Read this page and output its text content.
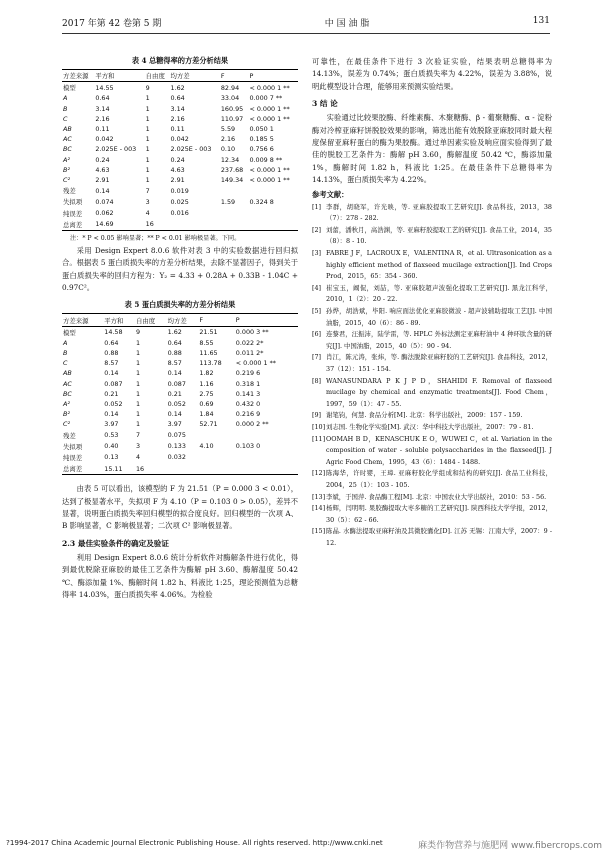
2017 年第 42 卷第 5 期	中 国 油 脂	131
表 4 总糖得率的方差分析结果
方差来源	平方和	自由度	均方差	F	P
模型	14.55	9	1.62	82.94	< 0.000 1 **
A	0.64	1	0.64	33.04	0.000 7 **
B	3.14	1	3.14	160.95	< 0.000 1 **
C	2.16	1	2.16	110.97	< 0.000 1 **
AB	0.11	1	0.11	5.59	0.050 1
AC	0.042	1	0.042	2.16	0.185 5
BC	2.025E - 003	1	2.025E - 003	0.10	0.756 6
A²	0.24	1	0.24	12.34	0.009 8 **
B²	4.63	1	4.63	237.68	< 0.000 1 **
C²	2.91	1	2.91	149.34	< 0.000 1 **
残差	0.14	7	0.019		
失拟项	0.074	3	0.025	1.59	0.324 8
纯误差	0.062	4	0.016		
总离差	14.69	16			
注：* P < 0.05 影响显著；** P < 0.01 影响极显著。下同。

采用 Design Expert 8.0.6 软件对表 3 中的实验数据进行回归拟合。根据表 5 蛋白质损失率的方差分析结果，去除不显著因子，得到关于蛋白质损失率的回归方程为：Y₂ = 4.33 + 0.28A + 0.33B - 1.04C + 0.97C²。

表 5 蛋白质损失率的方差分析结果
方差来源	平方和	自由度	均方差	F	P
模型	14.58	9	1.62	21.51	0.000 3 **
A	0.64	1	0.64	8.55	0.022 2*
B	0.88	1	0.88	11.65	0.011 2*
C	8.57	1	8.57	113.78	< 0.000 1 **
AB	0.14	1	0.14	1.82	0.219 6
AC	0.087	1	0.087	1.16	0.318 1
BC	0.21	1	0.21	2.75	0.141 3
A²	0.052	1	0.052	0.69	0.432 0
B²	0.14	1	0.14	1.84	0.216 9
C²	3.97	1	3.97	52.71	0.000 2 **
残差	0.53	7	0.075		
失拟项	0.40	3	0.133	4.10	0.103 0
纯误差	0.13	4	0.032		
总离差	15.11	16			

由表 5 可以看出，该模型的 F 为 21.51（P = 0.000 3 < 0.01），达到了极显著水平，失拟项 F 为 4.10（P = 0.103 0 > 0.05），差异不显著，说明蛋白质损失率回归模型的拟合度良好。回归模型的一次项 A、B 影响显著，C 影响极显著；二次项 C² 影响极显著。

2.3 最佳实验条件的确定及验证

利用 Design Expert 8.0.6 统计分析软件对酶解条件进行优化，得到最优脱除亚麻胶的最佳工艺条件为酶解 pH 3.60、酶解温度 50.42 ℃、酶添加量 1%、酶解时间 1.82 h、料液比 1:25，理论预测值为总糖得率 14.03%，蛋白质损失率 4.06%。为检验

可靠性，在最佳条件下进行 3 次验证实验，结果表明总糖得率为 14.13%，误差为 0.74%；蛋白质损失率为 4.22%，误差为 3.88%，说明此模型设计合理，能够用来预测实验结果。

3 结 论

实验通过比较果胶酶、纤维素酶、木聚糖酶、β - 葡聚糖酶、α - 淀粉酶对冷榨亚麻籽饼脱胶效果的影响，筛选出能有效脱除亚麻胶同时最大程度保留亚麻籽蛋白的酶为果胶酶。通过单因素实验及响应面实验得到了最佳的脱胶工艺条件为：酶解 pH 3.60，酶解温度 50.42 ℃，酶添加量 1%，酶解时间 1.82 h，料液比 1:25。在最佳条件下总糖得率为 14.13%，蛋白质损失率为 4.22%。

参考文献：
[1] 李群，胡晓军，许光映，等. 亚麻胶提取工艺研究[J]. 食品科技，2013，38（7）：278 - 282.
[2] 刘蕾，潘秋月，高浩渊，等. 亚麻籽胶提取工艺的研究[J]. 食品工业，2014，35（8）：8 - 10.
[3] FABRE J F，LACROUX E，VALENTINA R，et al. Ultrasonication as a highly efficient method of flaxseed mucilage extraction[J]. Ind Crops Prod，2015，65：354 - 360.
[4] 崔宝玉，阚侃，刘喆，等. 亚麻胶超声波强化提取工艺研究[J]. 黑龙江科学，2010，1（2）：20 - 22.
[5] 孙烨，胡浩斌，毕阳. 响应面法优化亚麻胶微波 - 超声波辅助提取工艺[J]. 中国油脂，2015，40（6）：86 - 89.
[6] 连黎君，汪振沛，陆学雷，等. HPLC 外标法测定亚麻籽油中 4 种环肽含量的研究[J]. 中国油脂，2015，40（5）：90 - 94.
[7] 肖江，陈元涛，张炜，等. 酶法脱除亚麻籽胶的工艺研究[J]. 食品科技，2012，37（12）：151 - 154.
[8] WANASUNDARA P K J P D，SHAHIDI F. Removal of flaxseed mucilage by chemical and enzymatic treatments[J]. Food Chem，1997，59（1）：47 - 55.
[9] 谢笔钧，何慧. 食品分析[M]. 北京：科学出版社，2009：157 - 159.
[10] 刘志国. 生物化学实验[M]. 武汉：华中科技大学出版社，2007：79 - 81.
[11] OOMAH B D，KENASCHUK E O，WUWEI C，et al. Variation in the composition of water - soluble polysaccharides in the flaxseed[J]. J Agric Food Chem，1995，43（6）：1484 - 1488.
[12] 陈海华，许时婴，王璋. 亚麻籽胶化学组成和结构的研究[J]. 食品工业科技，2004，25（1）：103 - 105.
[13] 李斌，于国萍. 食品酶工程[M]. 北京：中国农业大学出版社，2010：53 - 56.
[14] 杨辉，闫明明. 果胶酶提取大枣多糖的工艺研究[J]. 陕西科技大学学报，2012，30（5）：62 - 66.
[15] 陈晶. 水酶法提取亚麻籽油及其微胶囊化[D]. 江苏 无锡：江南大学，2007：9 - 12.
?1994-2017 China Academic Journal Electronic Publishing House. All rights reserved. http://www.cnki.net	麻类作物营养与施肥网 www.fibercrops.com
